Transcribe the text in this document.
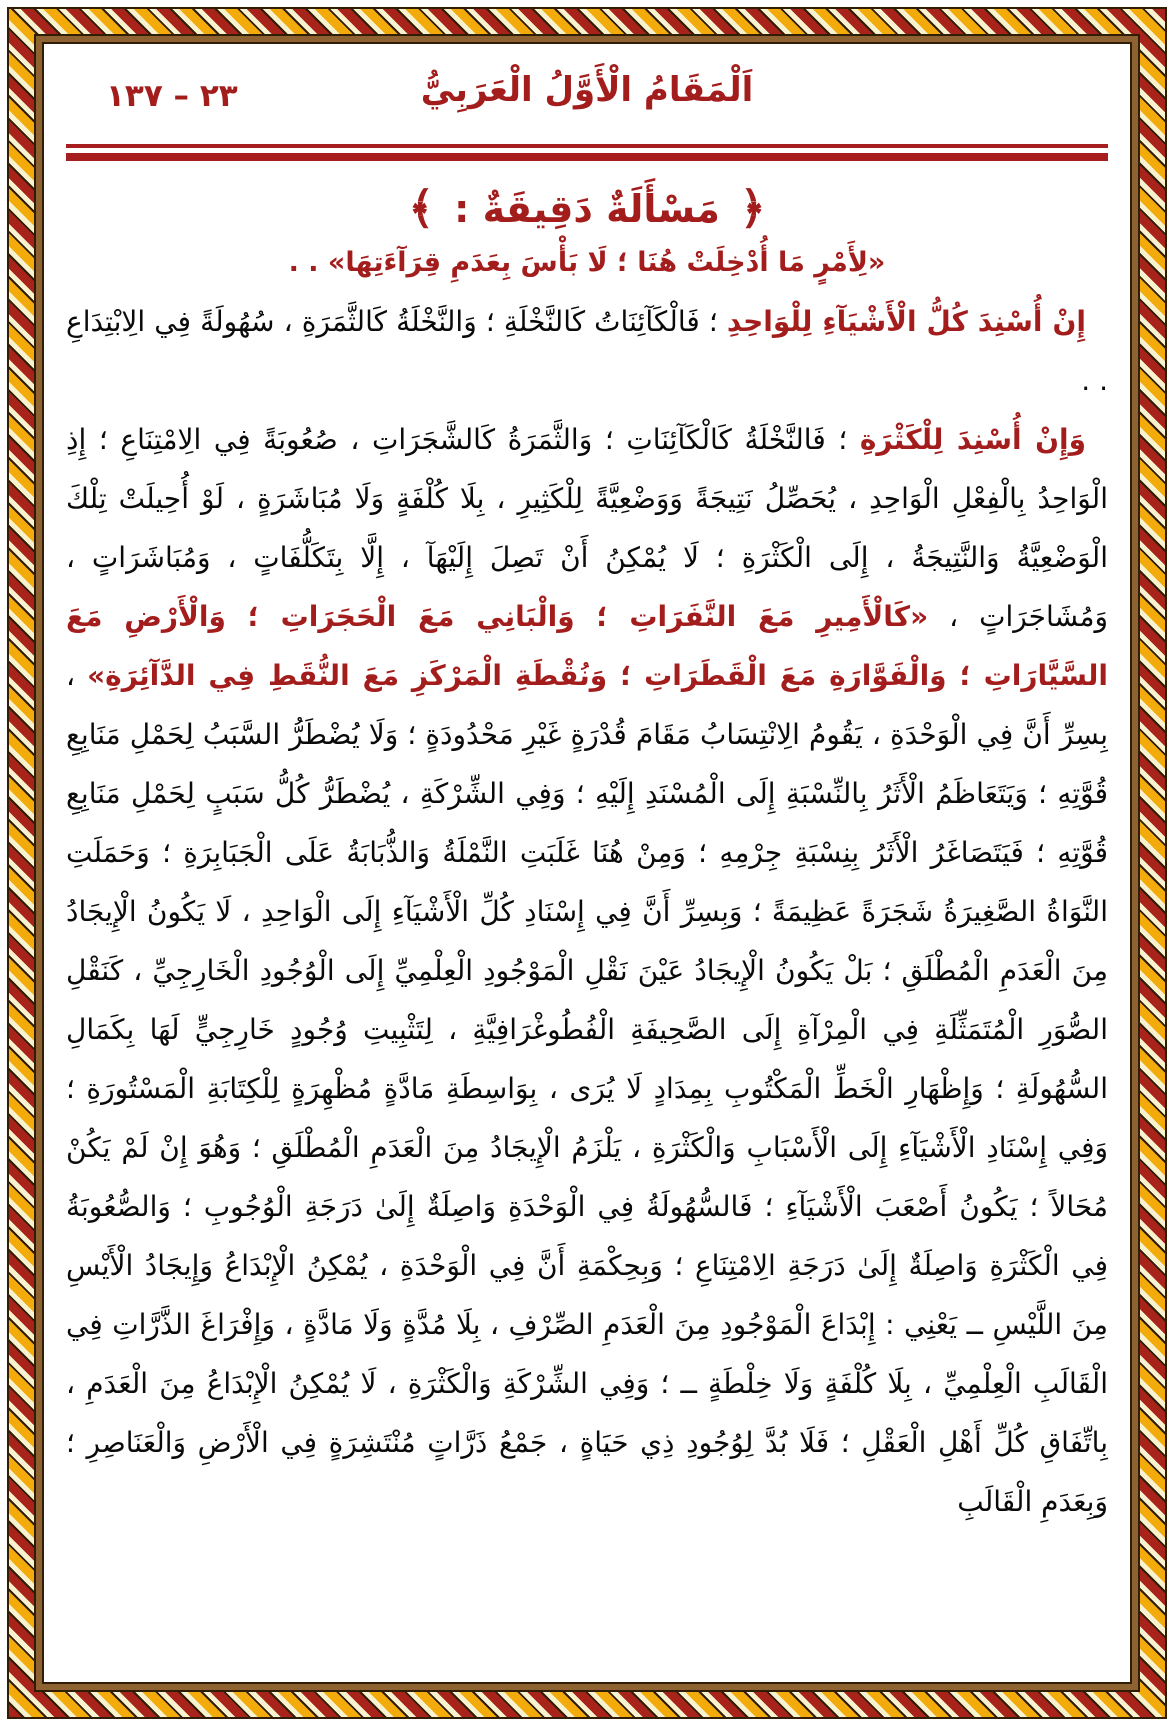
٢٣ – ١٣٧	اَلْمَقَامُ الْأَوَّلُ الْعَرَبِيُّ
﴿
مَسْأَلَةٌ دَقِيقَةٌ :
﴾
«لِأَمْرٍ مَا أُدْخِلَتْ هُنَا ؛ لَا بَأْسَ بِعَدَمِ قِرَآءَتِهَا» . .

إِنْ أُسْنِدَ كُلُّ الْأَشْيَآءِ لِلْوَاحِدِ ؛ فَالْكَآئِنَاتُ كَالنَّخْلَةِ ؛ وَالنَّخْلَةُ كَالثَّمَرَةِ ، سُهُولَةً فِي الِابْتِدَاعِ . .

وَإِنْ أُسْنِدَ لِلْكَثْرَةِ ؛ فَالنَّخْلَةُ كَالْكَآئِنَاتِ ؛ وَالثَّمَرَةُ كَالشَّجَرَاتِ ، صُعُوبَةً فِي الِامْتِنَاعِ ؛ إِذِ الْوَاحِدُ بِالْفِعْلِ الْوَاحِدِ ، يُحَصِّلُ نَتِيجَةً وَوَضْعِيَّةً لِلْكَثِيرِ ، بِلَا كُلْفَةٍ وَلَا مُبَاشَرَةٍ ، لَوْ أُحِيلَتْ تِلْكَ الْوَضْعِيَّةُ وَالنَّتِيجَةُ ، إِلَى الْكَثْرَةِ ؛ لَا يُمْكِنُ أَنْ تَصِلَ إِلَيْهَآ ، إِلَّا بِتَكَلُّفَاتٍ ، وَمُبَاشَرَاتٍ ، وَمُشَاجَرَاتٍ ، «كَالْأَمِيرِ مَعَ النَّفَرَاتِ ؛ وَالْبَانِي مَعَ الْحَجَرَاتِ ؛ وَالْأَرْضِ مَعَ السَّيَّارَاتِ ؛ وَالْفَوَّارَةِ مَعَ الْقَطَرَاتِ ؛ وَنُقْطَةِ الْمَرْكَزِ مَعَ النُّقَطِ فِي الدَّآئِرَةِ» ، بِسِرِّ أَنَّ فِي الْوَحْدَةِ ، يَقُومُ الِانْتِسَابُ مَقَامَ قُدْرَةٍ غَيْرِ مَحْدُودَةٍ ؛ وَلَا يُضْطَرُّ السَّبَبُ لِحَمْلِ مَنَابِعِ قُوَّتِهِ ؛ وَيَتَعَاظَمُ الْأَثَرُ بِالنِّسْبَةِ إِلَى الْمُسْنَدِ إِلَيْهِ ؛ وَفِي الشِّرْكَةِ ، يُضْطَرُّ كُلُّ سَبَبٍ لِحَمْلِ مَنَابِعِ قُوَّتِهِ ؛ فَيَتَصَاغَرُ الْأَثَرُ بِنِسْبَةِ جِرْمِهِ ؛ وَمِنْ هُنَا غَلَبَتِ النَّمْلَةُ وَالذُّبَابَةُ عَلَى الْجَبَابِرَةِ ؛ وَحَمَلَتِ النَّوَاةُ الصَّغِيرَةُ شَجَرَةً عَظِيمَةً ؛ وَبِسِرِّ أَنَّ فِي إِسْنَادِ كُلِّ الْأَشْيَآءِ إِلَى الْوَاحِدِ ، لَا يَكُونُ الْإِيجَادُ مِنَ الْعَدَمِ الْمُطْلَقِ ؛ بَلْ يَكُونُ الْإِيجَادُ عَيْنَ نَقْلِ الْمَوْجُودِ الْعِلْمِيِّ إِلَى الْوُجُودِ الْخَارِجِيِّ ، كَنَقْلِ الصُّوَرِ الْمُتَمَثِّلَةِ فِي الْمِرْآةِ إِلَى الصَّحِيفَةِ الْفُطُوغْرَافِيَّةِ ، لِتَثْبِيتِ وُجُودٍ خَارِجِيٍّ لَهَا بِكَمَالِ السُّهُولَةِ ؛ وَإِظْهَارِ الْخَطِّ الْمَكْتُوبِ بِمِدَادٍ لَا يُرَى ، بِوَاسِطَةِ مَادَّةٍ مُظْهِرَةٍ لِلْكِتَابَةِ الْمَسْتُورَةِ ؛ وَفِي إِسْنَادِ الْأَشْيَآءِ إِلَى الْأَسْبَابِ وَالْكَثْرَةِ ، يَلْزَمُ الْإِيجَادُ مِنَ الْعَدَمِ الْمُطْلَقِ ؛ وَهُوَ إِنْ لَمْ يَكُنْ مُحَالاً ؛ يَكُونُ أَصْعَبَ الْأَشْيَآءِ ؛ فَالسُّهُولَةُ فِي الْوَحْدَةِ وَاصِلَةٌ إِلَىٰ دَرَجَةِ الْوُجُوبِ ؛ وَالصُّعُوبَةُ فِي الْكَثْرَةِ وَاصِلَةٌ إِلَىٰ دَرَجَةِ الِامْتِنَاعِ ؛ وَبِحِكْمَةِ أَنَّ فِي الْوَحْدَةِ ، يُمْكِنُ الْإِبْدَاعُ وَإِيجَادُ الْأَيْسِ مِنَ اللَّيْسِ ــ يَعْنِي : إِبْدَاعَ الْمَوْجُودِ مِنَ الْعَدَمِ الصِّرْفِ ، بِلَا مُدَّةٍ وَلَا مَادَّةٍ ، وَإِفْرَاغَ الذَّرَّاتِ فِي الْقَالَبِ الْعِلْمِيِّ ، بِلَا كُلْفَةٍ وَلَا خِلْطَةٍ ــ ؛ وَفِي الشِّرْكَةِ وَالْكَثْرَةِ ، لَا يُمْكِنُ الْإِبْدَاعُ مِنَ الْعَدَمِ ، بِاتِّفَاقِ كُلِّ أَهْلِ الْعَقْلِ ؛ فَلَا بُدَّ لِوُجُودِ ذِي حَيَاةٍ ، جَمْعُ ذَرَّاتٍ مُنْتَشِرَةٍ فِي الْأَرْضِ وَالْعَنَاصِرِ ؛ وَبِعَدَمِ الْقَالَبِ
